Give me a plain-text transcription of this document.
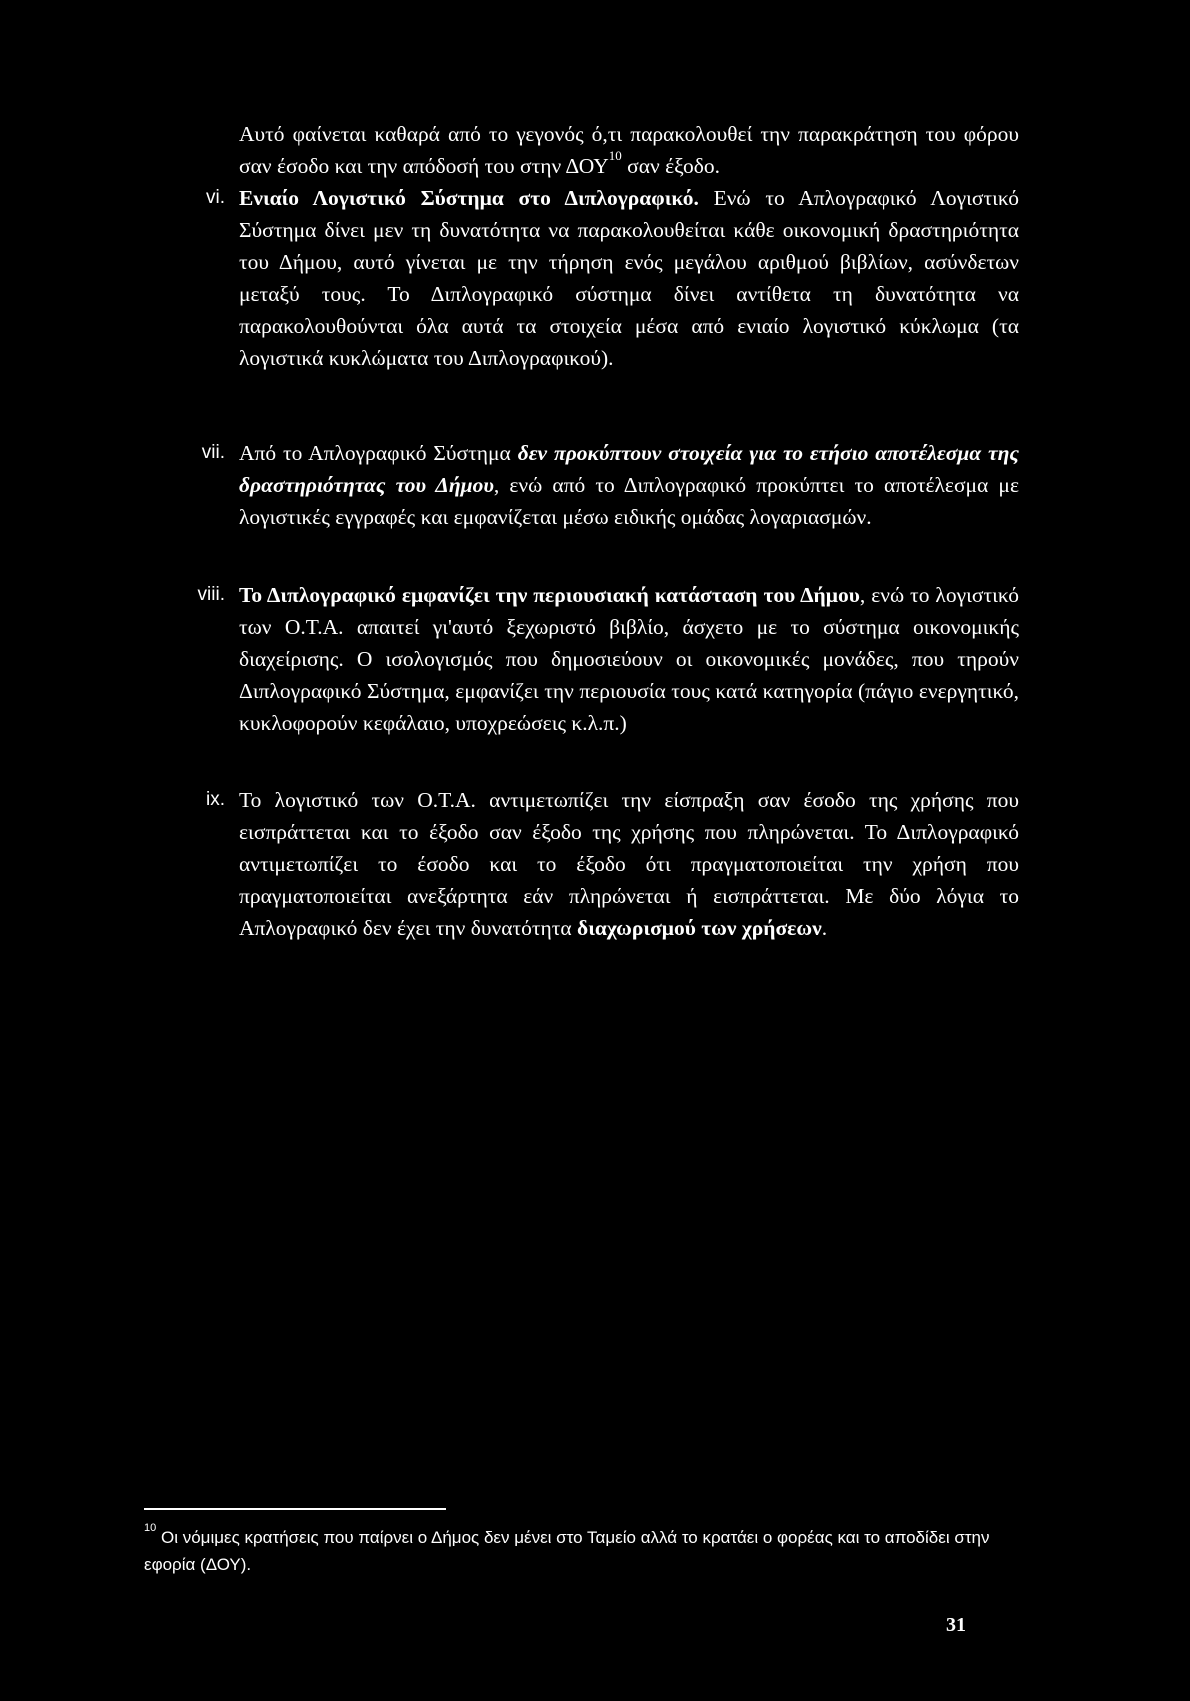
Αυτό φαίνεται καθαρά από το γεγονός ό,τι παρακολουθεί την παρακράτηση του φόρου σαν έσοδο και την απόδοσή του στην ΔΟΥ$^{10}$ σαν έξοδο.
vi. Ενιαίο Λογιστικό Σύστημα στο Διπλογραφικό. Ενώ το Απλογραφικό Λογιστικό Σύστημα δίνει μεν τη δυνατότητα να παρακολουθείται κάθε οικονομική δραστηριότητα του Δήμου, αυτό γίνεται με την τήρηση ενός μεγάλου αριθμού βιβλίων, ασύνδετων μεταξύ τους. Το Διπλογραφικό σύστημα δίνει αντίθετα τη δυνατότητα να παρακολουθούνται όλα αυτά τα στοιχεία μέσα από ενιαίο λογιστικό κύκλωμα (τα λογιστικά κυκλώματα του Διπλογραφικού).
vii. Από το Απλογραφικό Σύστημα δεν προκύπτουν στοιχεία για το ετήσιο αποτέλεσμα της δραστηριότητας του Δήμου, ενώ από το Διπλογραφικό προκύπτει το αποτέλεσμα με λογιστικές εγγραφές και εμφανίζεται μέσω ειδικής ομάδας λογαριασμών.
viii. Το Διπλογραφικό εμφανίζει την περιουσιακή κατάσταση του Δήμου, ενώ το λογιστικό των Ο.Τ.Α. απαιτεί γι'αυτό ξεχωριστό βιβλίο, άσχετο με το σύστημα οικονομικής διαχείρισης. Ο ισολογισμός που δημοσιεύουν οι οικονομικές μονάδες, που τηρούν Διπλογραφικό Σύστημα, εμφανίζει την περιουσία τους κατά κατηγορία (πάγιο ενεργητικό, κυκλοφορούν κεφάλαιο, υποχρεώσεις κ.λ.π.)
ix. Το λογιστικό των Ο.Τ.Α. αντιμετωπίζει την είσπραξη σαν έσοδο της χρήσης που εισπράττεται και το έξοδο σαν έξοδο της χρήσης που πληρώνεται. Το Διπλογραφικό αντιμετωπίζει το έσοδο και το έξοδο ότι πραγματοποιείται την χρήση που πραγματοποιείται ανεξάρτητα εάν πληρώνεται ή εισπράττεται. Με δύο λόγια το Απλογραφικό δεν έχει την δυνατότητα διαχωρισμού των χρήσεων.
$^{10}$ Οι νόμιμες κρατήσεις που παίρνει ο Δήμος δεν μένει στο Ταμείο αλλά το κρατάει ο φορέας και το αποδίδει στην εφορία (ΔΟΥ).
31
